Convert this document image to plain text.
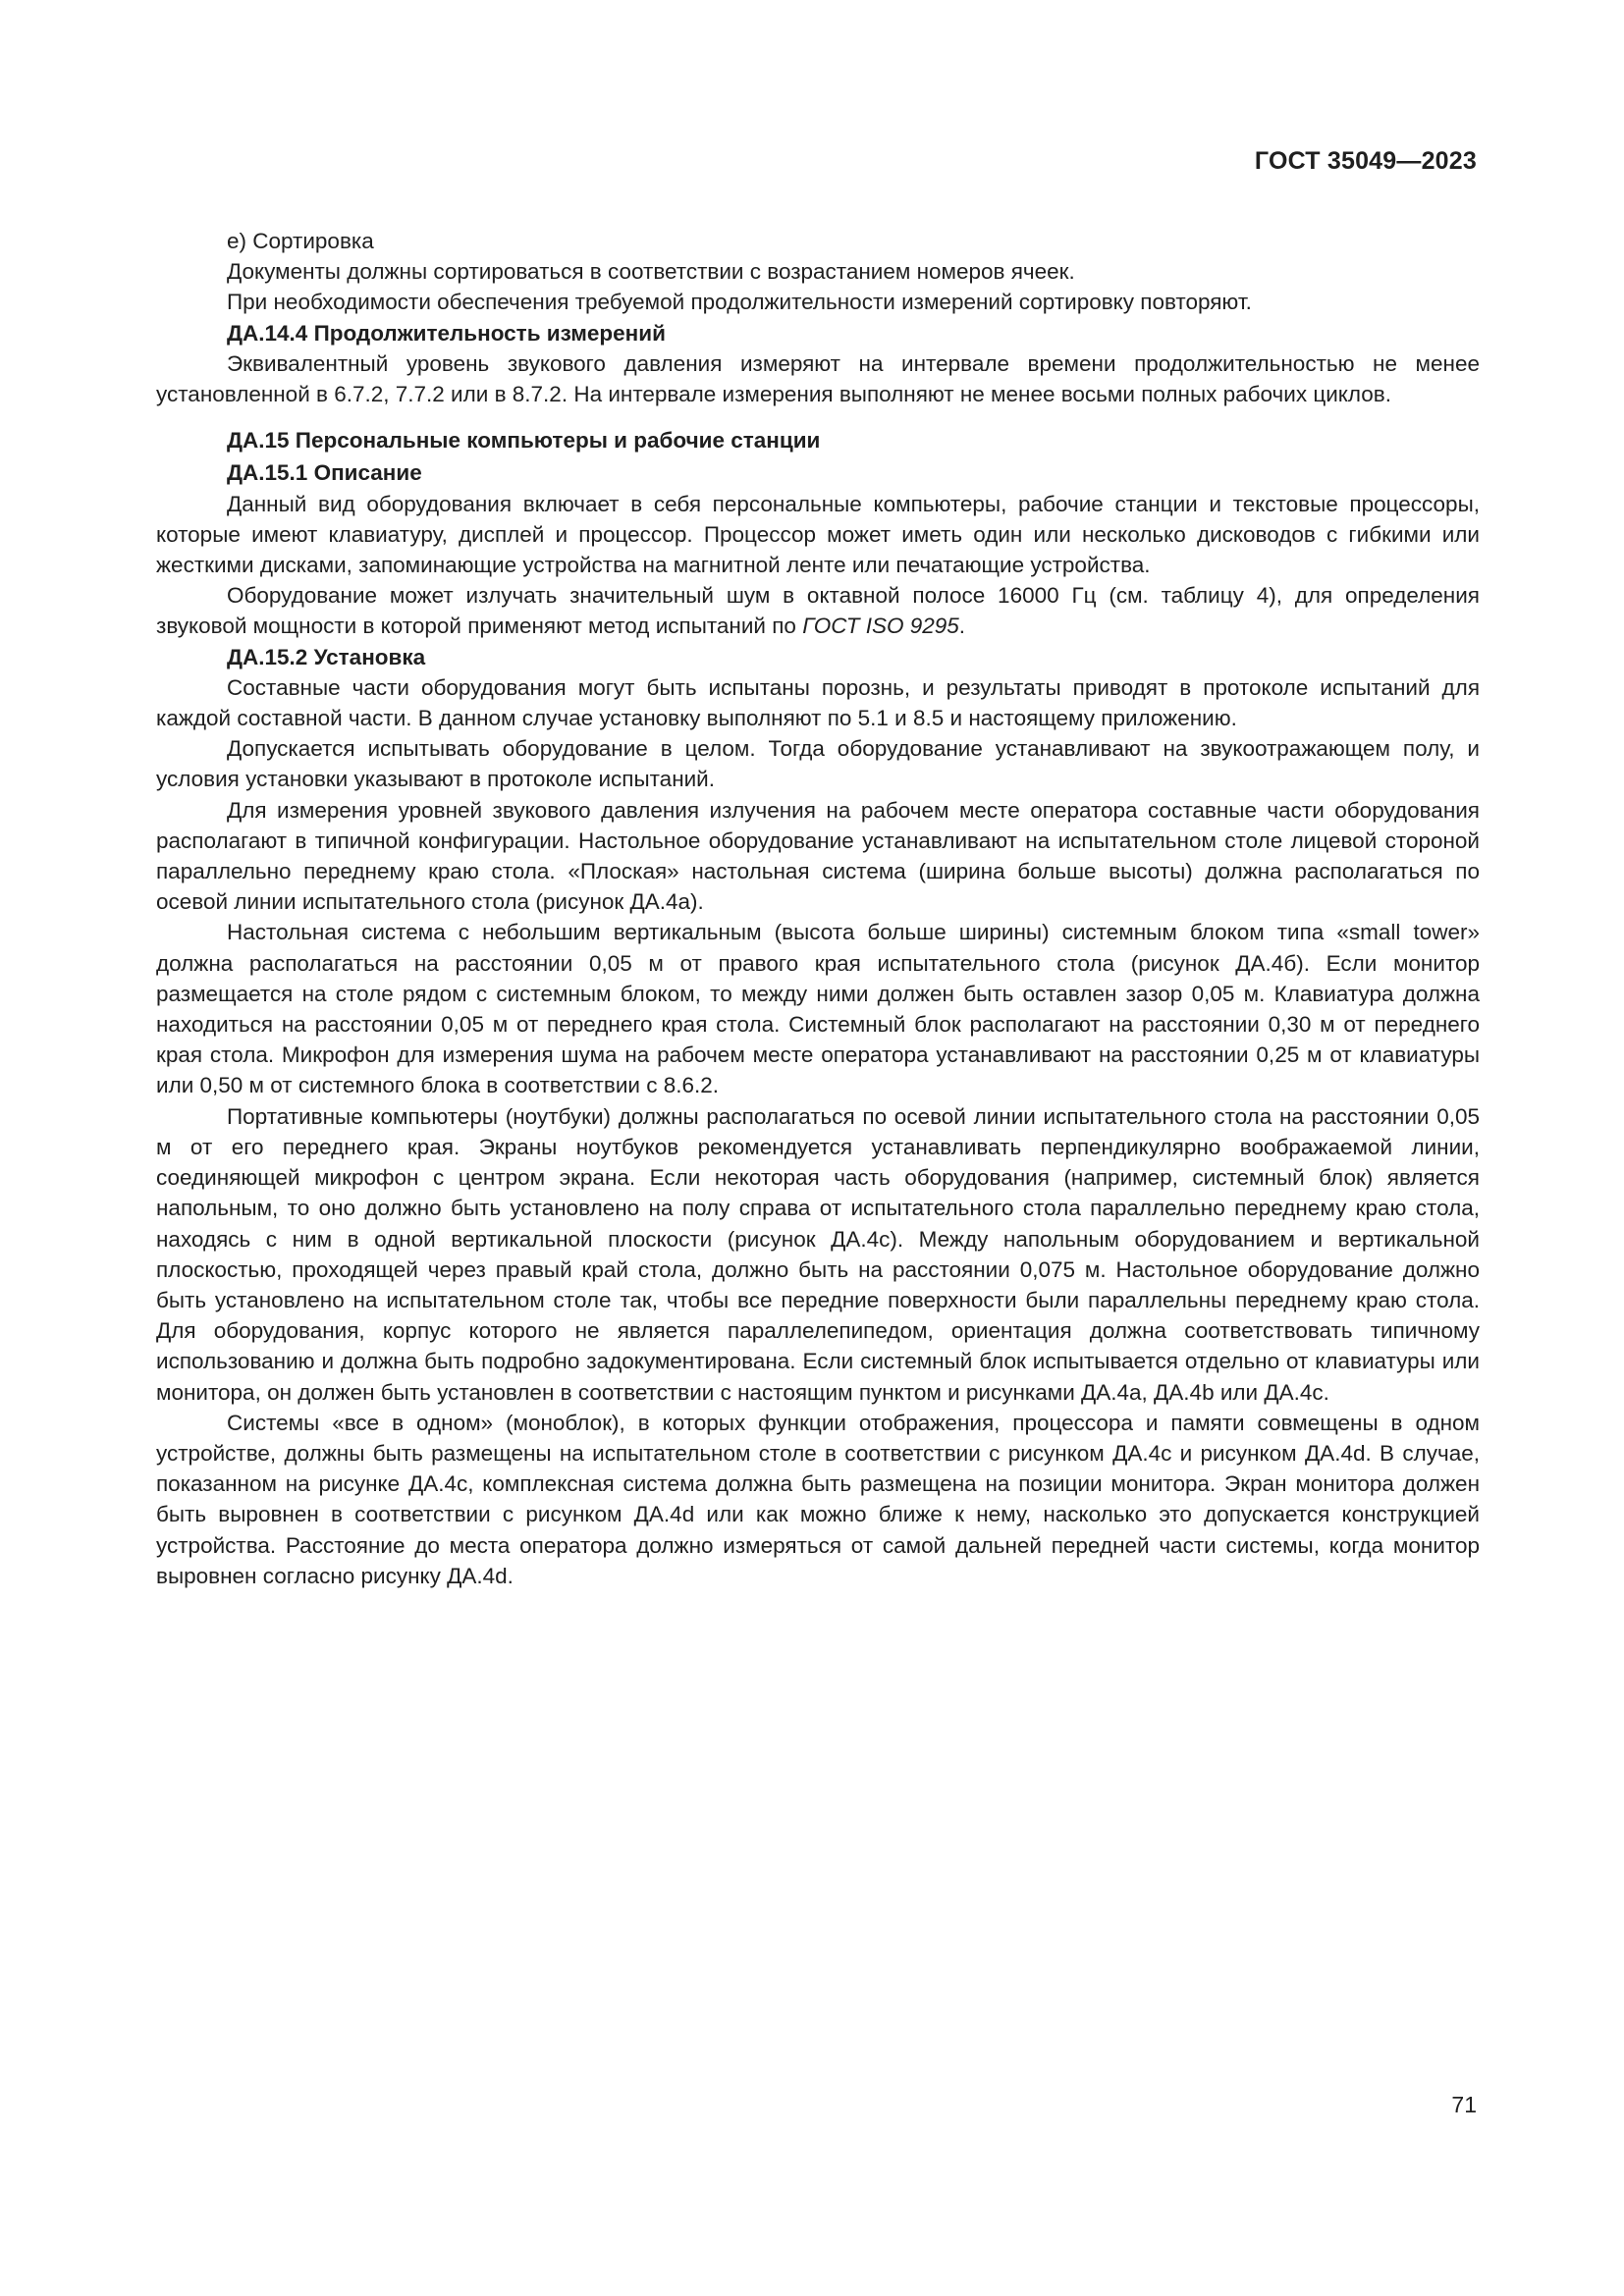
ГОСТ 35049—2023

е) Сортировка

Документы должны сортироваться в соответствии с возрастанием номеров ячеек.

При необходимости обеспечения требуемой продолжительности измерений сортировку повторяют.

ДА.14.4 Продолжительность измерений

Эквивалентный уровень звукового давления измеряют на интервале времени продолжительностью не менее установленной в 6.7.2, 7.7.2 или в 8.7.2. На интервале измерения выполняют не менее восьми полных рабочих циклов.

ДА.15 Персональные компьютеры и рабочие станции
ДА.15.1 Описание

Данный вид оборудования включает в себя персональные компьютеры, рабочие станции и текстовые процессоры, которые имеют клавиатуру, дисплей и процессор. Процессор может иметь один или несколько дисководов с гибкими или жесткими дисками, запоминающие устройства на магнитной ленте или печатающие устройства.

Оборудование может излучать значительный шум в октавной полосе 16000 Гц (см. таблицу 4), для определения звуковой мощности в которой применяют метод испытаний по ГОСТ ISO 9295.

ДА.15.2 Установка

Составные части оборудования могут быть испытаны порознь, и результаты приводят в протоколе испытаний для каждой составной части. В данном случае установку выполняют по 5.1 и 8.5 и настоящему приложению.

Допускается испытывать оборудование в целом. Тогда оборудование устанавливают на звукоотражающем полу, и условия установки указывают в протоколе испытаний.

Для измерения уровней звукового давления излучения на рабочем месте оператора составные части оборудования располагают в типичной конфигурации. Настольное оборудование устанавливают на испытательном столе лицевой стороной параллельно переднему краю стола. «Плоская» настольная система (ширина больше высоты) должна располагаться по осевой линии испытательного стола (рисунок ДА.4a).

Настольная система с небольшим вертикальным (высота больше ширины) системным блоком типа «small tower» должна располагаться на расстоянии 0,05 м от правого края испытательного стола (рисунок ДА.4б). Если монитор размещается на столе рядом с системным блоком, то между ними должен быть оставлен зазор 0,05 м. Клавиатура должна находиться на расстоянии 0,05 м от переднего края стола. Системный блок располагают на расстоянии 0,30 м от переднего края стола. Микрофон для измерения шума на рабочем месте оператора устанавливают на расстоянии 0,25 м от клавиатуры или 0,50 м от системного блока в соответствии с 8.6.2.

Портативные компьютеры (ноутбуки) должны располагаться по осевой линии испытательного стола на расстоянии 0,05 м от его переднего края. Экраны ноутбуков рекомендуется устанавливать перпендикулярно воображаемой линии, соединяющей микрофон с центром экрана. Если некоторая часть оборудования (например, системный блок) является напольным, то оно должно быть установлено на полу справа от испытательного стола параллельно переднему краю стола, находясь с ним в одной вертикальной плоскости (рисунок ДА.4с). Между напольным оборудованием и вертикальной плоскостью, проходящей через правый край стола, должно быть на расстоянии 0,075 м. Настольное оборудование должно быть установлено на испытательном столе так, чтобы все передние поверхности были параллельны переднему краю стола. Для оборудования, корпус которого не является параллелепипедом, ориентация должна соответствовать типичному использованию и должна быть подробно задокументирована. Если системный блок испытывается отдельно от клавиатуры или монитора, он должен быть установлен в соответствии с настоящим пунктом и рисунками ДА.4a, ДА.4b или ДА.4c.

Системы «все в одном» (моноблок), в которых функции отображения, процессора и памяти совмещены в одном устройстве, должны быть размещены на испытательном столе в соответствии с рисунком ДА.4c и рисунком ДА.4d. В случае, показанном на рисунке ДА.4c, комплексная система должна быть размещена на позиции монитора. Экран монитора должен быть выровнен в соответствии с рисунком ДА.4d или как можно ближе к нему, насколько это допускается конструкцией устройства. Расстояние до места оператора должно измеряться от самой дальней передней части системы, когда монитор выровнен согласно рисунку ДА.4d.

71
